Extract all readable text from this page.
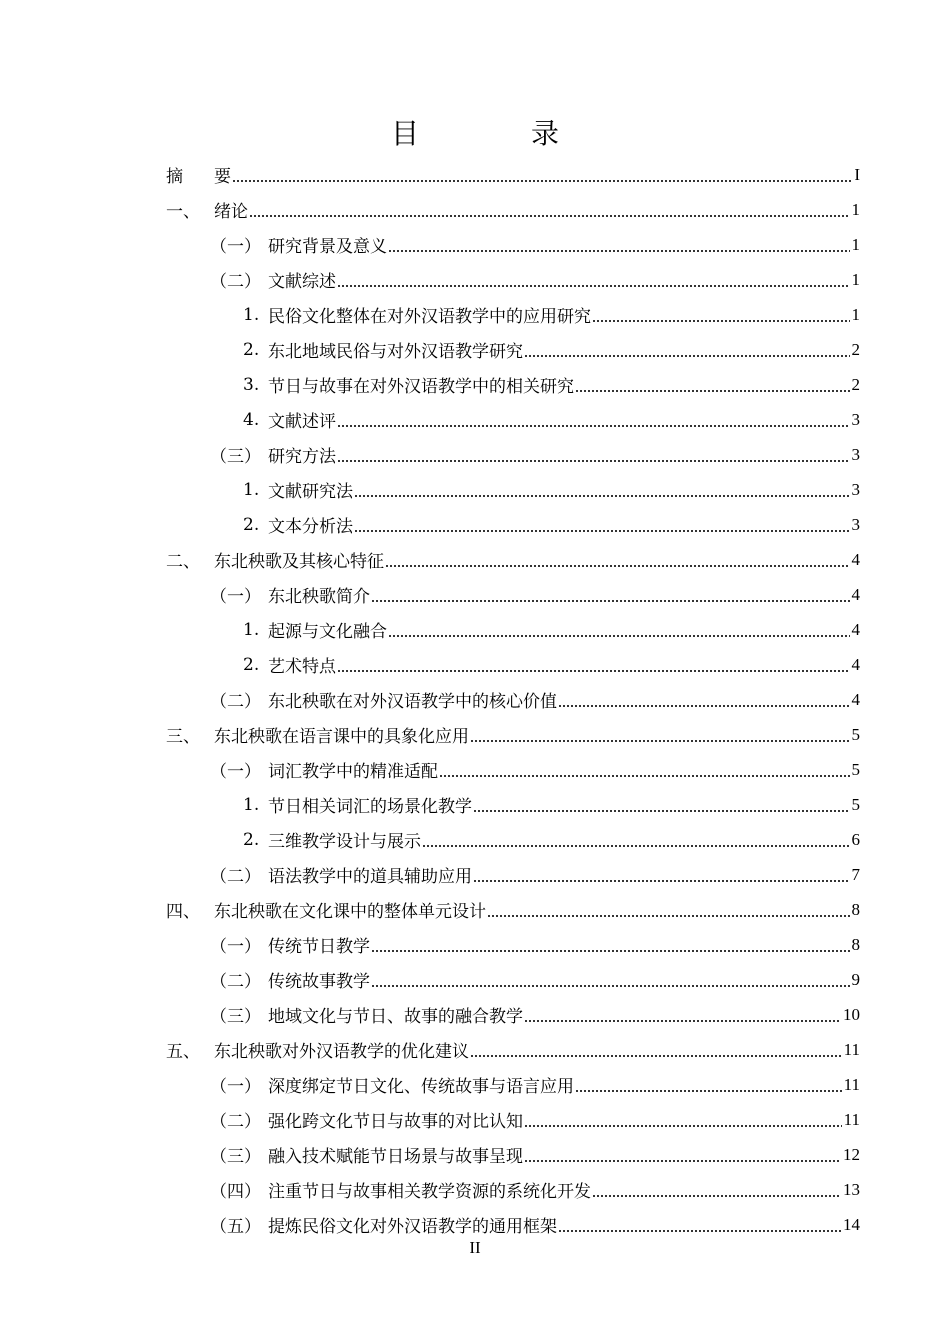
目　录
摘	要	I
一、 绪论	1
（一） 研究背景及意义	1
（二） 文献综述	1
1. 民俗文化整体在对外汉语教学中的应用研究	1
2. 东北地域民俗与对外汉语教学研究	2
3. 节日与故事在对外汉语教学中的相关研究	2
4. 文献述评	3
（三） 研究方法	3
1. 文献研究法	3
2. 文本分析法	3
二、 东北秧歌及其核心特征	4
（一） 东北秧歌简介	4
1. 起源与文化融合	4
2. 艺术特点	4
（二） 东北秧歌在对外汉语教学中的核心价值	4
三、 东北秧歌在语言课中的具象化应用	5
（一） 词汇教学中的精准适配	5
1. 节日相关词汇的场景化教学	5
2. 三维教学设计与展示	6
（二） 语法教学中的道具辅助应用	7
四、 东北秧歌在文化课中的整体单元设计	8
（一） 传统节日教学	8
（二） 传统故事教学	9
（三） 地域文化与节日、故事的融合教学	10
五、 东北秧歌对外汉语教学的优化建议	11
（一） 深度绑定节日文化、传统故事与语言应用	11
（二） 强化跨文化节日与故事的对比认知	11
（三） 融入技术赋能节日场景与故事呈现	12
（四） 注重节日与故事相关教学资源的系统化开发	13
（五） 提炼民俗文化对外汉语教学的通用框架	14
II
